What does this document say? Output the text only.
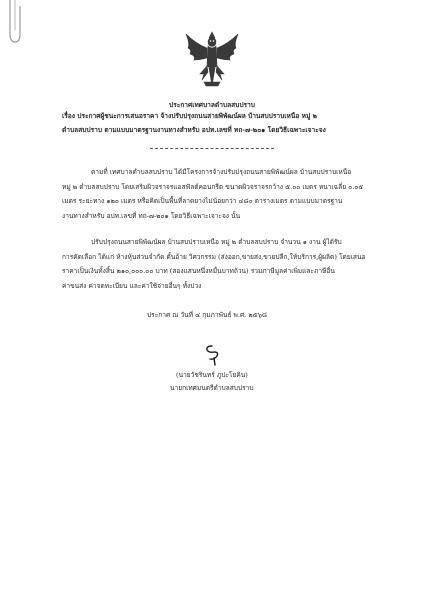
ประกาศเทศบาลตำบลสบปราบ
เรื่อง ประกาศผู้ชนะการเสนอราคา จ้างปรับปรุงถนนสายพิพัฒน์ผล บ้านสบปราบเหนือ หมู่ ๒
ตำบลสบปราบ ตามแบบมาตรฐานงานทางสำหรับ อปท.เลขที่ ทถ-๗-๒๐๑ โดยวิธีเฉพาะเจาะจง
ตามที่ เทศบาลตำบลสบปราบ ได้มีโครงการจ้างปรับปรุงถนนสายพิพัฒน์ผล บ้านสบปราบเหนือ
หมู่ ๒ ตำบลสบปราบ โดยเสริมผิวจราจรแอสฟัลต์คอนกรีต ขนาดผิวจราจรกว้าง ๕.๐๐ เมตร หนาเฉลี่ย ๐.๐๕
เมตร ระยะทาง ๑๒๐ เมตร หรือคิดเป็นพื้นที่ลาดยางไม่น้อยกว่า ๔๘๐ ตารางเมตร ตามแบบมาตรฐาน
งานทางสำหรับ อปท.เลขที่ ทถ-๗-๒๐๑ โดยวิธีเฉพาะเจาะจง นั้น
ปรับปรุงถนนสายพิพัฒน์ผล บ้านสบปราบเหนือ หมู่ ๒ ตำบลสบปราบ จำนวน ๑ งาน ผู้ได้รับ
การคัดเลือก ได้แก่ ห้างหุ้นส่วนจำกัด ดั้นอ้าย วิศวกรรม (ส่งออก,ขายส่ง,ขายปลีก,ให้บริการ,ผู้ผลิต) โดยเสนอ
ราคาเป็นเงินทั้งสิ้น ๒๑๐,๐๐๐.๐๐ บาท (สองแสนหนึ่งหมื่นบาทถ้วน) รวมภาษีมูลค่าเพิ่มและภาษีอื่น
ค่าขนส่ง ค่าจดทะเบียน และค่าใช้จ่ายอื่นๆ ทั้งปวง
ประกาศ ณ วันที่ ๔ กุมภาพันธ์ พ.ศ. ๒๕๖๘
(นายวัชรินทร์ ภูปะโยคิน)
นายกเทศมนตรีตำบลสบปราบ
